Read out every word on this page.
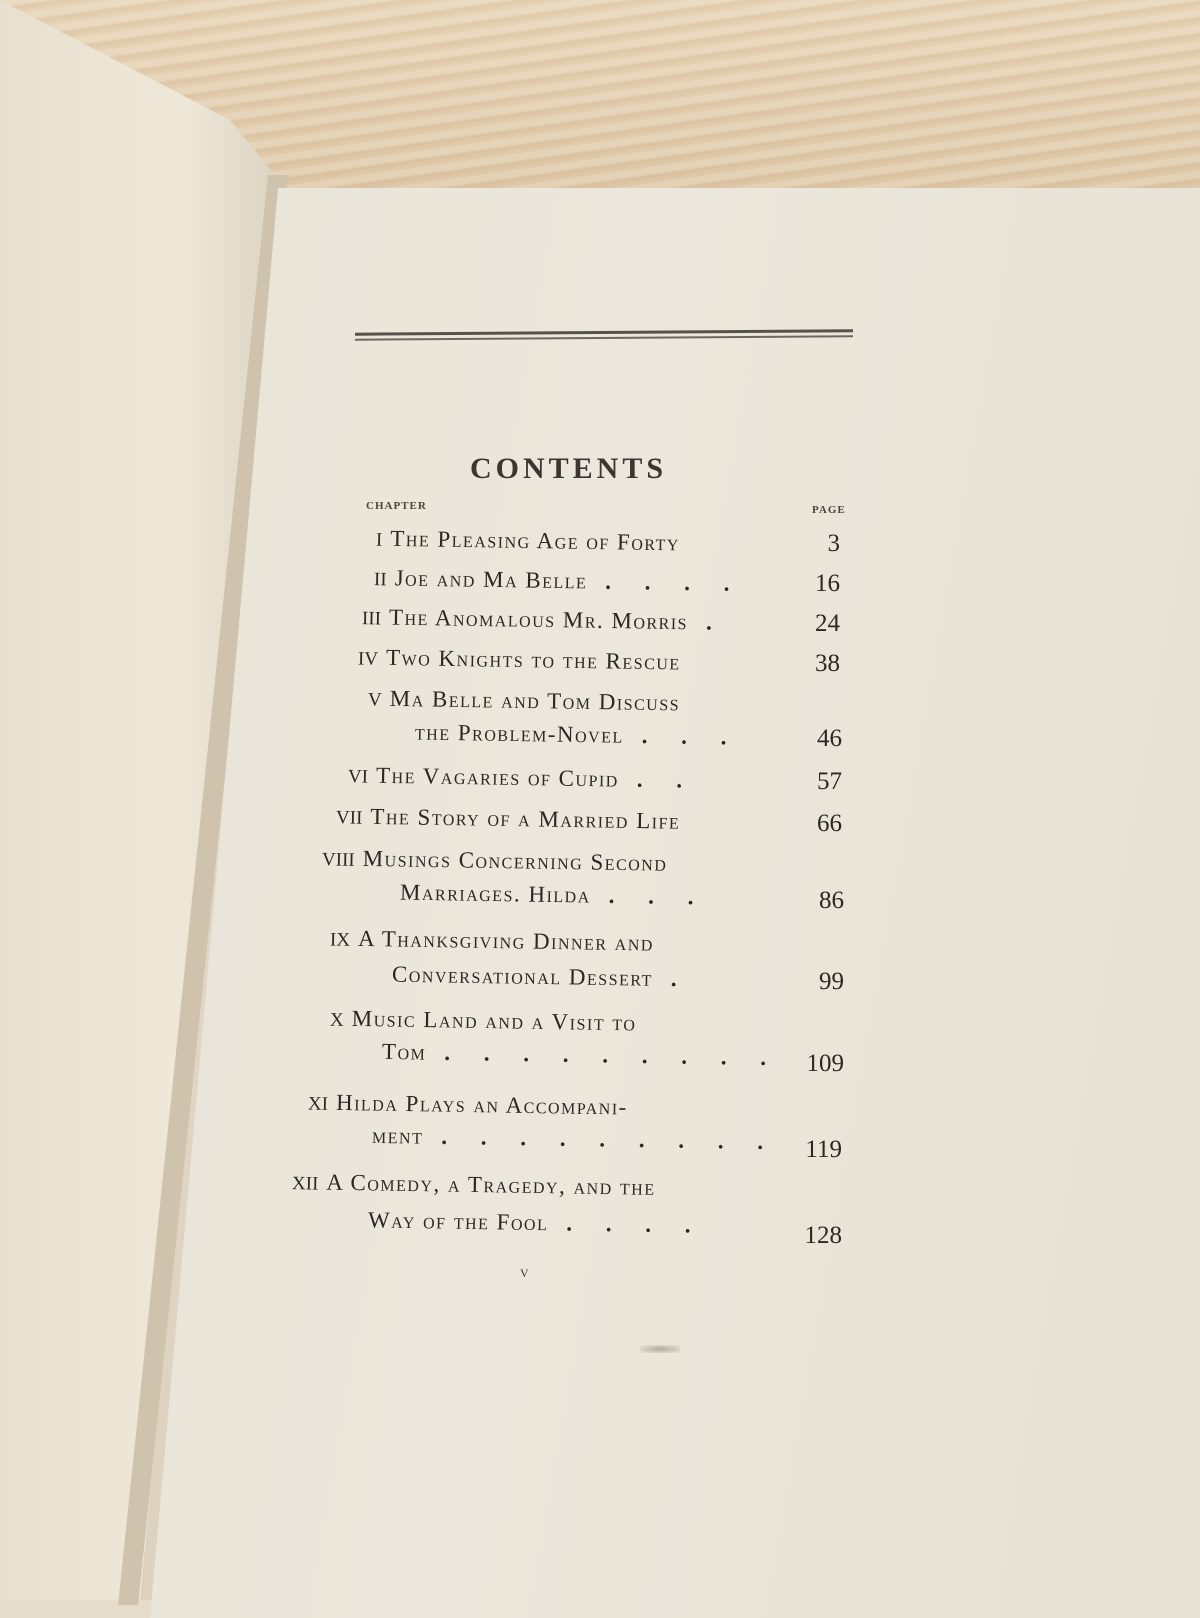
CONTENTS
CHAPTER	PAGE
I The Pleasing Age of Forty	3
II Joe and Ma Belle . . . .	16
III The Anomalous Mr. Morris .	24
IV Two Knights to the Rescue	38
V Ma Belle and Tom Discuss
the Problem-Novel . . .	46
VI The Vagaries of Cupid . .	57
VII The Story of a Married Life	66
VIII Musings Concerning Second
Marriages. Hilda . . .	86
IX A Thanksgiving Dinner and
Conversational Dessert .	99
X Music Land and a Visit to
Tom . . . . . . . . .	109
XI Hilda Plays an Accompani-
ment . . . . . . . . .	119
XII A Comedy, a Tragedy, and the
Way of the Fool . . . .	128
v
